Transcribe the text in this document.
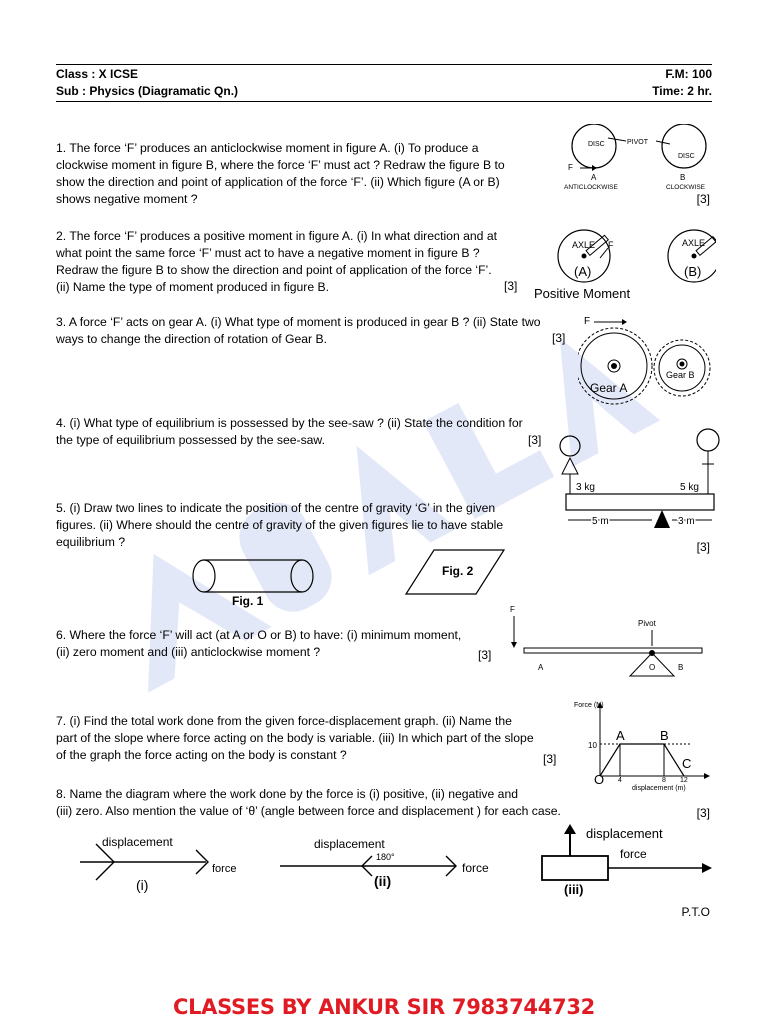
Class : X ICSE	F.M: 100
Sub : Physics (Diagramatic Qn.)	Time: 2 hr.
1. The force ‘F’ produces an anticlockwise moment in figure A. (i) To produce a
clockwise moment in figure B, where the force ‘F’ must act ? Redraw the figure B to
show the direction and point of application of the force ‘F’. (ii) Which figure (A or B)
shows negative moment ?	[3]
DISC	PIVOT
DISC
F
A	B
ANTICLOCKWISE	CLOCKWISE
2. The force ‘F’ produces a positive moment in figure A. (i) In what direction and at
what point the same force ‘F’ must act to have a negative moment in figure B ?
Redraw the figure B to show the direction and point of application of the force ‘F’.
(ii) Name the type of moment produced in figure B.	[3]
AXLE F	AXLE
(A)	(B)
Positive Moment
3. A force ‘F’ acts on gear A. (i) What type of moment is produced in gear B ? (ii) State two
ways to change the direction of rotation of Gear B.	[3]
F
Gear A
Gear B
4. (i) What type of equilibrium is possessed by the see-saw ? (ii) State the condition for
the type of equilibrium possessed by the see-saw.	[3]
3 kg	5 kg
5 m	3 m
5. (i) Draw two lines to indicate the position of the centre of gravity ‘G’ in the given
figures. (ii) Where should the centre of gravity of the given figures lie to have stable
equilibrium ?	[3]
Fig. 1
Fig. 2
6. Where the force ‘F’ will act (at A or O or B) to have: (i) minimum moment,
(ii) zero moment and (iii) anticlockwise moment ?	[3]
F
Pivot
A	O	B
7. (i) Find the total work done from the given force-displacement graph. (ii) Name the
part of the slope where force acting on the body is variable. (iii) In which part of the slope
of the graph the force acting on the body is constant ?	[3]
Force (N)
displacement (m)
10
4	8 12
O
A	B
C
8. Name the diagram where the work done by the force is (i) positive, (ii) negative and
(iii) zero. Also mention the value of ‘θ’ (angle between force and displacement ) for each case.	[3]
displacement
force
(i)
displacement
180°
force
(ii)
displacement
force
(iii)
P.T.O
CLASSES BY ANKUR SIR 7983744732
